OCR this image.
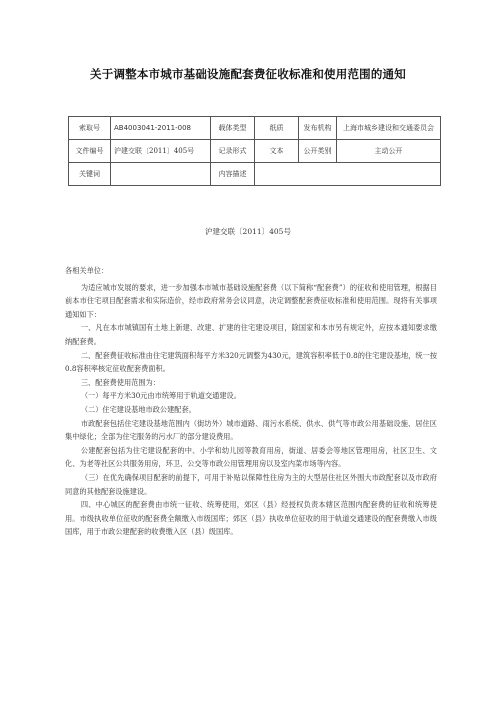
关于调整本市城市基础设施配套费征收标准和使用范围的通知
索取号	AB4003041-2011-008	载体类型	纸质	发布机构	上海市城乡建设和交通委员会
文件编号	沪建交联〔2011〕405号	记录形式	文本	公开类别	主动公开
关键词		内容描述			
沪建交联〔2011〕405号

各相关单位：

为适应城市发展的要求，进一步加强本市城市基础设施配套费（以下简称“配套费”）的征收和使用管理，根据目前本市住宅项目配套需求和实际造价，经市政府常务会议同意，决定调整配套费征收标准和使用范围。现将有关事项通知如下：

一、凡在本市城镇国有土地上新建、改建、扩建的住宅建设项目，除国家和本市另有规定外，应按本通知要求缴纳配套费。

二、配套费征收标准由住宅建筑面积每平方米320元调整为430元，建筑容积率低于0.8的住宅建设基地，统一按0.8容积率核定征收配套费面积。

三、配套费使用范围为：

（一）每平方米30元由市统筹用于轨道交通建设。

（二）住宅建设基地市政公建配套。

市政配套包括住宅建设基地范围内（街坊外）城市道路、雨污水系统、供水、供气等市政公用基础设施、居住区集中绿化；全部为住宅服务的污水厂的部分建设费用。

公建配套包括为住宅建设配套的中、小学和幼儿园等教育用房，街道、居委会等地区管理用房，社区卫生、文化、为老等社区公共服务用房，环卫、公交等市政公用管理用房以及室内菜市场等内容。

（三）在优先确保项目配套的前提下，可用于补贴以保障性住房为主的大型居住社区外围大市政配套以及市政府同意的其他配套设施建设。

四、中心城区的配套费由市统一征收、统筹使用，郊区（县）经授权负责本辖区范围内配套费的征收和统筹使用。市级执收单位征收的配套费全额缴入市级国库；郊区（县）执收单位征收的用于轨道交通建设的配套费缴入市级国库，用于市政公建配套的收费缴入区（县）级国库。
